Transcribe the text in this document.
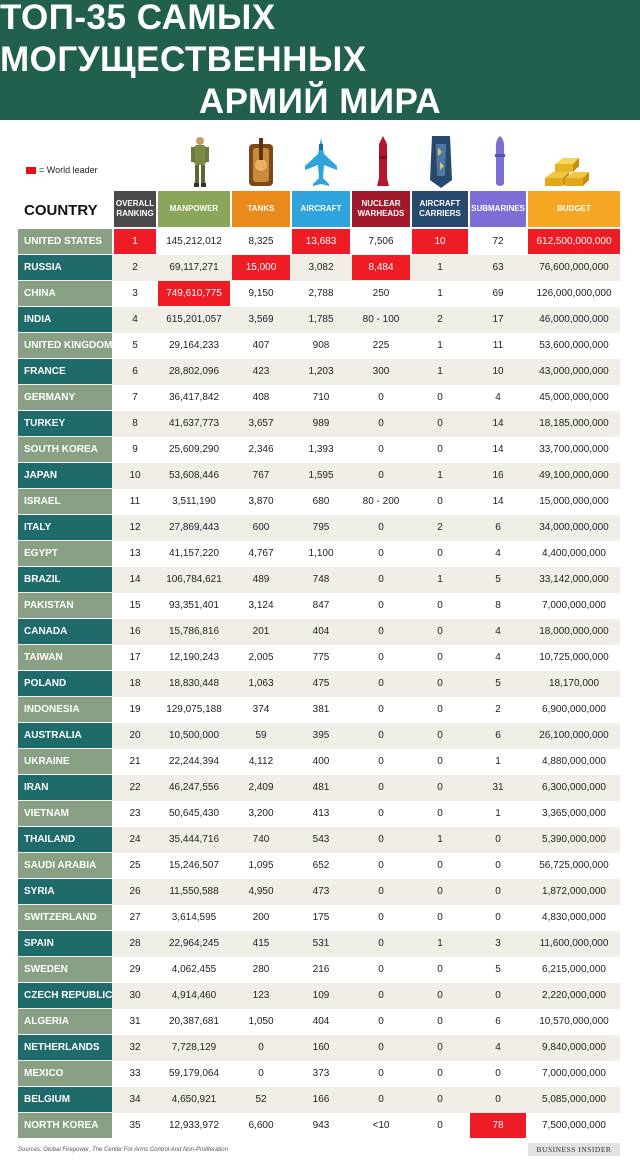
ТОП-35 САМЫХ МОГУЩЕСТВЕННЫХ
АРМИЙ МИРА
= World leader
COUNTRY OVERALL RANKING
MANPOWER	TANKS	AIRCRAFT
NUCLEAR WARHEADS
AIRCRAFT CARRIERS
SUBMARINES	BUDGET
UNITED STATES	1	145,212,012	8,325	13,683	7,506	10	72	612,500,000,000
RUSSIA	2	69,117,271	15,000	3,082	8,484	1	63	76,600,000,000
CHINA	3	749,610,775	9,150	2,788	250	1	69	126,000,000,000
INDIA	4	615,201,057	3,569	1,785	80 - 100	2	17	46,000,000,000
UNITED KINGDOM	5	29,164,233	407	908	225	1	11	53,600,000,000
FRANCE	6	28,802,096	423	1,203	300	1	10	43,000,000,000
GERMANY	7	36,417,842	408	710	0	0	4	45,000,000,000
TURKEY	8	41,637,773	3,657	989	0	0	14	18,185,000,000
SOUTH KOREA	9	25,609,290	2,346	1,393	0	0	14	33,700,000,000
JAPAN	10	53,608,446	767	1,595	0	1	16	49,100,000,000
ISRAEL	11	3,511,190	3,870	680	80 - 200	0	14	15,000,000,000
ITALY	12	27,869,443	600	795	0	2	6	34,000,000,000
EGYPT	13	41,157,220	4,767	1,100	0	0	4	4,400,000,000
BRAZIL	14	106,784,621	489	748	0	1	5	33,142,000,000
PAKISTAN	15	93,351,401	3,124	847	0	0	8	7,000,000,000
CANADA	16	15,786,816	201	404	0	0	4	18,000,000,000
TAIWAN	17	12,190,243	2,005	775	0	0	4	10,725,000,000
POLAND	18	18,830,448	1,063	475	0	0	5	18,170,000
INDONESIA	19	129,075,188	374	381	0	0	2	6,900,000,000
AUSTRALIA	20	10,500,000	59	395	0	0	6	26,100,000,000
UKRAINE	21	22,244,394	4,112	400	0	0	1	4,880,000,000
IRAN	22	46,247,556	2,409	481	0	0	31	6,300,000,000
VIETNAM	23	50,645,430	3,200	413	0	0	1	3,365,000,000
THAILAND	24	35,444,716	740	543	0	1	0	5,390,000,000
SAUDI ARABIA	25	15,246,507	1,095	652	0	0	0	56,725,000,000
SYRIA	26	11,550,588	4,950	473	0	0	0	1,872,000,000
SWITZERLAND	27	3,614,595	200	175	0	0	0	4,830,000,000
SPAIN	28	22,964,245	415	531	0	1	3	11,600,000,000
SWEDEN	29	4,062,455	280	216	0	0	5	6,215,000,000
CZECH REPUBLIC	30	4,914,460	123	109	0	0	0	2,220,000,000
ALGERIA	31	20,387,681	1,050	404	0	0	6	10,570,000,000
NETHERLANDS	32	7,728,129	0	160	0	0	4	9,840,000,000
MEXICO	33	59,179,064	0	373	0	0	0	7,000,000,000
BELGIUM	34	4,650,921	52	166	0	0	0	5,085,000,000
NORTH KOREA	35	12,933,972	6,600	943	<10	0	78	7,500,000,000
Sources: Global Firepower, The Center For Arms Control And Non-Proliferation	BUSINESS INSIDER
